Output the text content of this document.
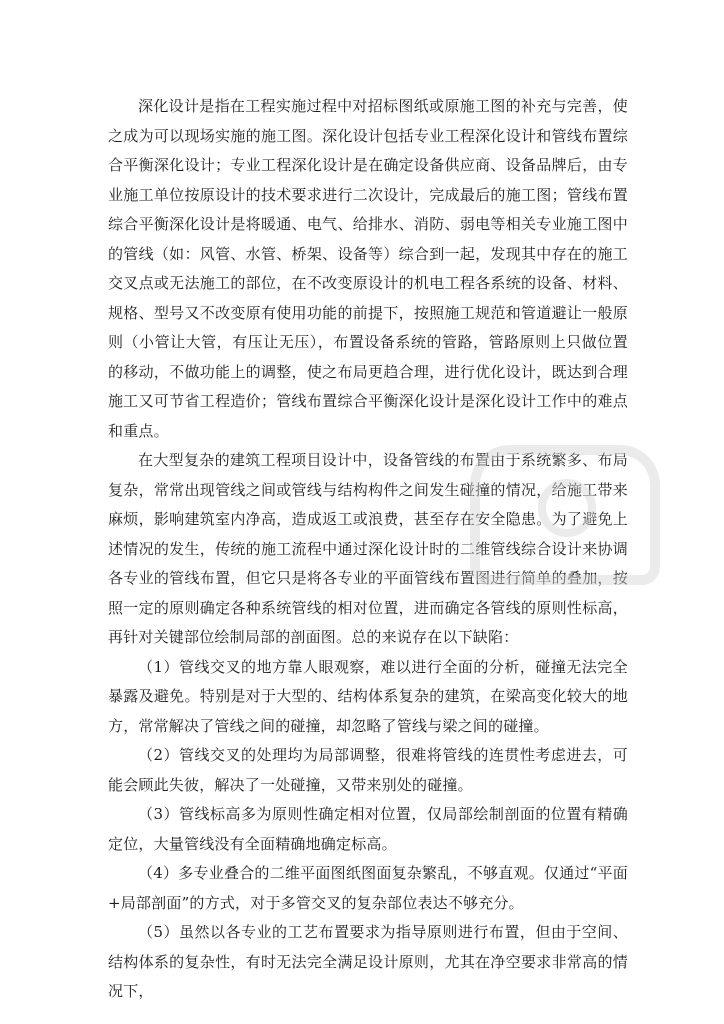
深化设计是指在工程实施过程中对招标图纸或原施工图的补充与完善，使之成为可以现场实施的施工图。深化设计包括专业工程深化设计和管线布置综合平衡深化设计；专业工程深化设计是在确定设备供应商、设备品牌后，由专业施工单位按原设计的技术要求进行二次设计，完成最后的施工图；管线布置综合平衡深化设计是将暖通、电气、给排水、消防、弱电等相关专业施工图中的管线（如：风管、水管、桥架、设备等）综合到一起，发现其中存在的施工交叉点或无法施工的部位，在不改变原设计的机电工程各系统的设备、材料、规格、型号又不改变原有使用功能的前提下，按照施工规范和管道避让一般原则（小管让大管，有压让无压），布置设备系统的管路，管路原则上只做位置的移动，不做功能上的调整，使之布局更趋合理，进行优化设计，既达到合理施工又可节省工程造价；管线布置综合平衡深化设计是深化设计工作中的难点和重点。

在大型复杂的建筑工程项目设计中，设备管线的布置由于系统繁多、布局复杂，常常出现管线之间或管线与结构构件之间发生碰撞的情况，给施工带来麻烦，影响建筑室内净高，造成返工或浪费，甚至存在安全隐患。为了避免上述情况的发生，传统的施工流程中通过深化设计时的二维管线综合设计来协调各专业的管线布置，但它只是将各专业的平面管线布置图进行简单的叠加，按照一定的原则确定各种系统管线的相对位置，进而确定各管线的原则性标高，再针对关键部位绘制局部的剖面图。总的来说存在以下缺陷：

（1）管线交叉的地方靠人眼观察，难以进行全面的分析，碰撞无法完全暴露及避免。特别是对于大型的、结构体系复杂的建筑，在梁高变化较大的地方，常常解决了管线之间的碰撞，却忽略了管线与梁之间的碰撞。

（2）管线交叉的处理均为局部调整，很难将管线的连贯性考虑进去，可能会顾此失彼，解决了一处碰撞，又带来别处的碰撞。

（3）管线标高多为原则性确定相对位置，仅局部绘制剖面的位置有精确定位，大量管线没有全面精确地确定标高。

（4）多专业叠合的二维平面图纸图面复杂繁乱，不够直观。仅通过“平面+局部剖面”的方式，对于多管交叉的复杂部位表达不够充分。

（5）虽然以各专业的工艺布置要求为指导原则进行布置，但由于空间、结构体系的复杂性，有时无法完全满足设计原则，尤其在净空要求非常高的情况下，
